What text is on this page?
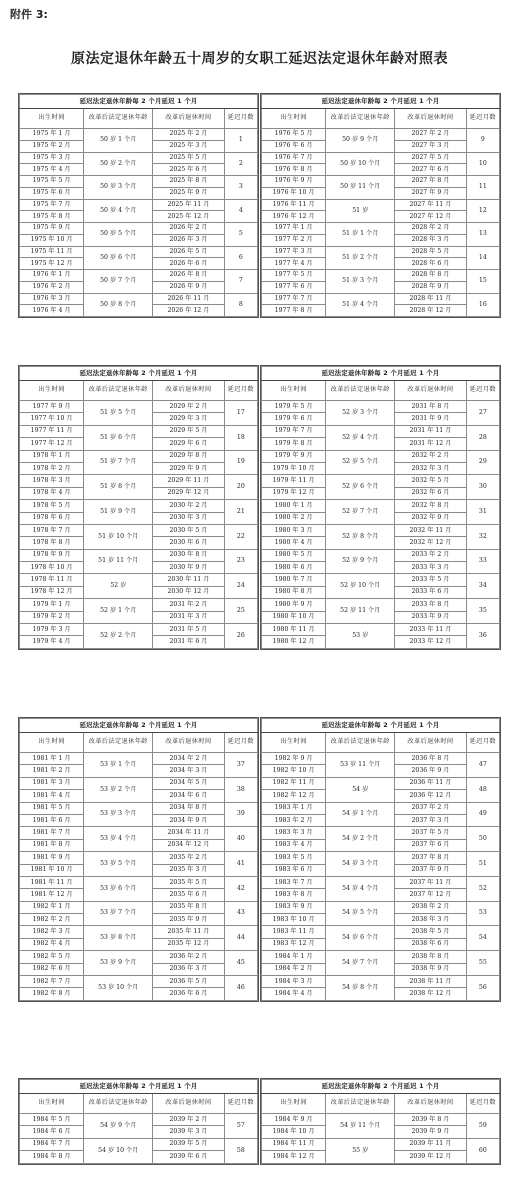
附件 3:
原法定退休年龄五十周岁的女职工延迟法定退休年龄对照表
延迟法定退休年龄每 2 个月延迟 1 个月			
出生时间	改革后法定退休年龄	改革后退休时间	延迟月数
1975 年 1 月	50 岁 1 个月	2025 年 2 月	1
1975 年 2 月		2025 年 3 月	
1975 年 3 月	50 岁 2 个月	2025 年 5 月	2
1975 年 4 月		2025 年 6 月	
1975 年 5 月	50 岁 3 个月	2025 年 8 月	3
1975 年 6 月		2025 年 9 月	
1975 年 7 月	50 岁 4 个月	2025 年 11 月	4
1975 年 8 月		2025 年 12 月	
1975 年 9 月	50 岁 5 个月	2026 年 2 月	5
1975 年 10 月		2026 年 3 月	
1975 年 11 月	50 岁 6 个月	2026 年 5 月	6
1975 年 12 月		2026 年 6 月	
1976 年 1 月	50 岁 7 个月	2026 年 8 月	7
1976 年 2 月		2026 年 9 月	
1976 年 3 月	50 岁 8 个月	2026 年 11 月	8
1976 年 4 月		2026 年 12 月	
延迟法定退休年龄每 2 个月延迟 1 个月			
出生时间	改革后法定退休年龄	改革后退休时间	延迟月数
1976 年 5 月	50 岁 9 个月	2027 年 2 月	9
1976 年 6 月		2027 年 3 月	
1976 年 7 月	50 岁 10 个月	2027 年 5 月	10
1976 年 8 月		2027 年 6 月	
1976 年 9 月	50 岁 11 个月	2027 年 8 月	11
1976 年 10 月		2027 年 9 月	
1976 年 11 月	51 岁	2027 年 11 月	12
1976 年 12 月		2027 年 12 月	
1977 年 1 月	51 岁 1 个月	2028 年 2 月	13
1977 年 2 月		2028 年 3 月	
1977 年 3 月	51 岁 2 个月	2028 年 5 月	14
1977 年 4 月		2028 年 6 月	
1977 年 5 月	51 岁 3 个月	2028 年 8 月	15
1977 年 6 月		2028 年 9 月	
1977 年 7 月	51 岁 4 个月	2028 年 11 月	16
1977 年 8 月		2028 年 12 月	
延迟法定退休年龄每 2 个月延迟 1 个月			
出生时间	改革后法定退休年龄	改革后退休时间	延迟月数
1977 年 9 月	51 岁 5 个月	2029 年 2 月	17
1977 年 10 月		2029 年 3 月	
1977 年 11 月	51 岁 6 个月	2029 年 5 月	18
1977 年 12 月		2029 年 6 月	
1978 年 1 月	51 岁 7 个月	2029 年 8 月	19
1978 年 2 月		2029 年 9 月	
1978 年 3 月	51 岁 8 个月	2029 年 11 月	20
1978 年 4 月		2029 年 12 月	
1978 年 5 月	51 岁 9 个月	2030 年 2 月	21
1978 年 6 月		2030 年 3 月	
1978 年 7 月	51 岁 10 个月	2030 年 5 月	22
1978 年 8 月		2030 年 6 月	
1978 年 9 月	51 岁 11 个月	2030 年 8 月	23
1978 年 10 月		2030 年 9 月	
1978 年 11 月	52 岁	2030 年 11 月	24
1978 年 12 月		2030 年 12 月	
1979 年 1 月	52 岁 1 个月	2031 年 2 月	25
1979 年 2 月		2031 年 3 月	
1979 年 3 月	52 岁 2 个月	2031 年 5 月	26
1979 年 4 月		2031 年 6 月	
延迟法定退休年龄每 2 个月延迟 1 个月			
出生时间	改革后法定退休年龄	改革后退休时间	延迟月数
1979 年 5 月	52 岁 3 个月	2031 年 8 月	27
1979 年 6 月		2031 年 9 月	
1979 年 7 月	52 岁 4 个月	2031 年 11 月	28
1979 年 8 月		2031 年 12 月	
1979 年 9 月	52 岁 5 个月	2032 年 2 月	29
1979 年 10 月		2032 年 3 月	
1979 年 11 月	52 岁 6 个月	2032 年 5 月	30
1979 年 12 月		2032 年 6 月	
1980 年 1 月	52 岁 7 个月	2032 年 8 月	31
1980 年 2 月		2032 年 9 月	
1980 年 3 月	52 岁 8 个月	2032 年 11 月	32
1980 年 4 月		2032 年 12 月	
1980 年 5 月	52 岁 9 个月	2033 年 2 月	33
1980 年 6 月		2033 年 3 月	
1980 年 7 月	52 岁 10 个月	2033 年 5 月	34
1980 年 8 月		2033 年 6 月	
1980 年 9 月	52 岁 11 个月	2033 年 8 月	35
1980 年 10 月		2033 年 9 月	
1980 年 11 月	53 岁	2033 年 11 月	36
1980 年 12 月		2033 年 12 月	
延迟法定退休年龄每 2 个月延迟 1 个月			
出生时间	改革后法定退休年龄	改革后退休时间	延迟月数
1981 年 1 月	53 岁 1 个月	2034 年 2 月	37
1981 年 2 月		2034 年 3 月	
1981 年 3 月	53 岁 2 个月	2034 年 5 月	38
1981 年 4 月		2034 年 6 月	
1981 年 5 月	53 岁 3 个月	2034 年 8 月	39
1981 年 6 月		2034 年 9 月	
1981 年 7 月	53 岁 4 个月	2034 年 11 月	40
1981 年 8 月		2034 年 12 月	
1981 年 9 月	53 岁 5 个月	2035 年 2 月	41
1981 年 10 月		2035 年 3 月	
1981 年 11 月	53 岁 6 个月	2035 年 5 月	42
1981 年 12 月		2035 年 6 月	
1982 年 1 月	53 岁 7 个月	2035 年 8 月	43
1982 年 2 月		2035 年 9 月	
1982 年 3 月	53 岁 8 个月	2035 年 11 月	44
1982 年 4 月		2035 年 12 月	
1982 年 5 月	53 岁 9 个月	2036 年 2 月	45
1982 年 6 月		2036 年 3 月	
1982 年 7 月	53 岁 10 个月	2036 年 5 月	46
1982 年 8 月		2036 年 6 月	
延迟法定退休年龄每 2 个月延迟 1 个月			
出生时间	改革后法定退休年龄	改革后退休时间	延迟月数
1982 年 9 月	53 岁 11 个月	2036 年 8 月	47
1982 年 10 月		2036 年 9 月	
1982 年 11 月	54 岁	2036 年 11 月	48
1982 年 12 月		2036 年 12 月	
1983 年 1 月	54 岁 1 个月	2037 年 2 月	49
1983 年 2 月		2037 年 3 月	
1983 年 3 月	54 岁 2 个月	2037 年 5 月	50
1983 年 4 月		2037 年 6 月	
1983 年 5 月	54 岁 3 个月	2037 年 8 月	51
1983 年 6 月		2037 年 9 月	
1983 年 7 月	54 岁 4 个月	2037 年 11 月	52
1983 年 8 月		2037 年 12 月	
1983 年 9 月	54 岁 5 个月	2038 年 2 月	53
1983 年 10 月		2038 年 3 月	
1983 年 11 月	54 岁 6 个月	2038 年 5 月	54
1983 年 12 月		2038 年 6 月	
1984 年 1 月	54 岁 7 个月	2038 年 8 月	55
1984 年 2 月		2038 年 9 月	
1984 年 3 月	54 岁 8 个月	2038 年 11 月	56
1984 年 4 月		2038 年 12 月	
延迟法定退休年龄每 2 个月延迟 1 个月			
出生时间	改革后法定退休年龄	改革后退休时间	延迟月数
1984 年 5 月	54 岁 9 个月	2039 年 2 月	57
1984 年 6 月		2039 年 3 月	
1984 年 7 月	54 岁 10 个月	2039 年 5 月	58
1984 年 8 月		2039 年 6 月	
延迟法定退休年龄每 2 个月延迟 1 个月			
出生时间	改革后法定退休年龄	改革后退休时间	延迟月数
1984 年 9 月	54 岁 11 个月	2039 年 8 月	59
1984 年 10 月		2039 年 9 月	
1984 年 11 月	55 岁	2039 年 11 月	60
1984 年 12 月		2039 年 12 月	
